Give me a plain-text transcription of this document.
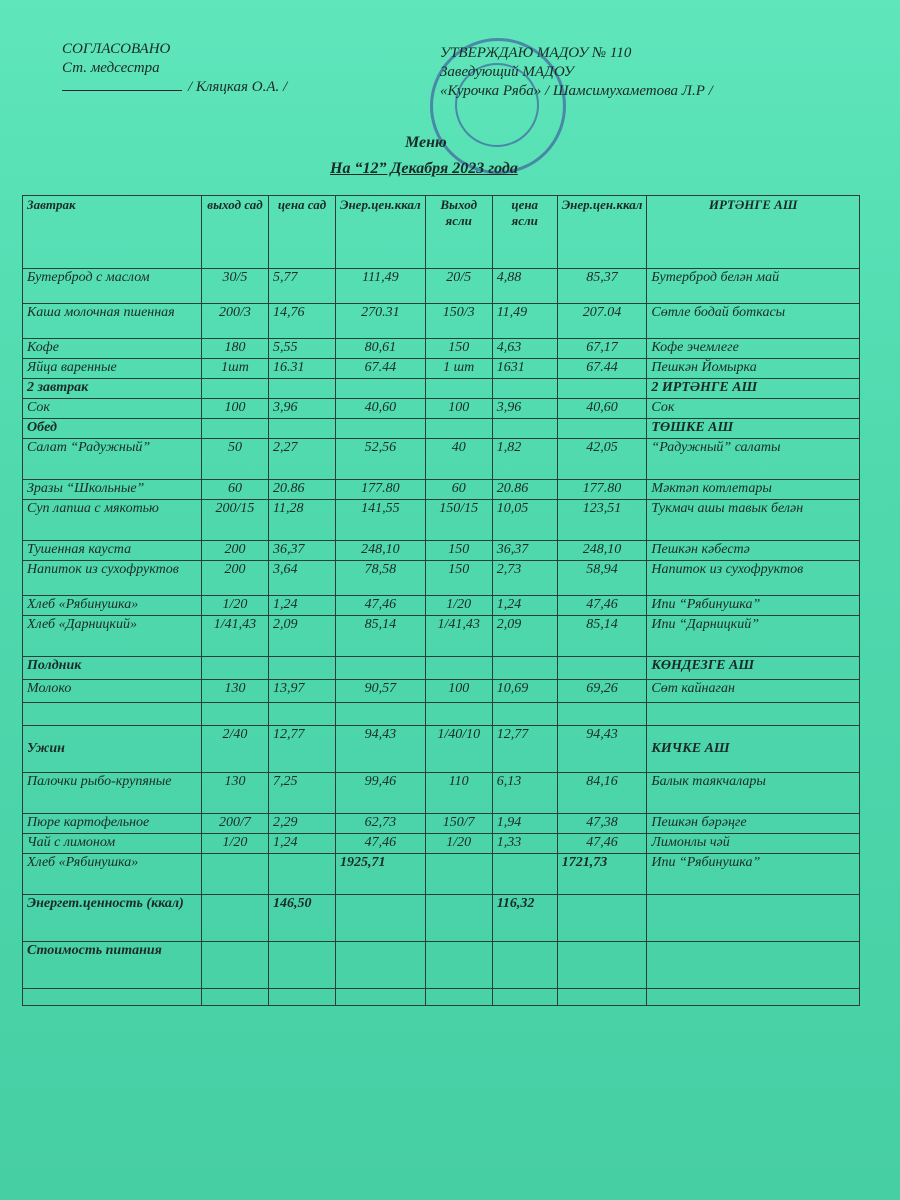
СОГЛАСОВАНО
Ст. медсестра
/ Кляцкая О.А. /
УТВЕРЖДАЮ МАДОУ № 110
Заведующий МАДОУ
«Курочка Ряба» / Шамсимухаметова Л.Р /
Меню
На “12” Декабря 2023 года
Завтрак	выход сад	цена сад	Энер.цен.ккал	Выход ясли	цена ясли	Энер.цен.ккал	ИРТӘНГЕ АШ
Бутерброд с маслом	30/5	5,77	111,49	20/5	4,88	85,37	Бутерброд белән май
Каша молочная пшенная	200/3	14,76	270.31	150/3	11,49	207.04	Сөтле бодай боткасы
Кофе	180	5,55	80,61	150	4,63	67,17	Кофе эчемлеге
Яйца варенные	1шт	16.31	67.44	1 шт	1631	67.44	Пешкән Йомырка
2 завтрак							2 ИРТӘНГЕ АШ
Сок	100	3,96	40,60	100	3,96	40,60	Сок
Обед							ТӨШКЕ АШ
Салат “Радужный”	50	2,27	52,56	40	1,82	42,05	“Радужный” салаты
Зразы “Школьные”	60	20.86	177.80	60	20.86	177.80	Мәктәп котлетары
Суп лапша с мякотью	200/15	11,28	141,55	150/15	10,05	123,51	Тукмач ашы тавык белән
Тушенная кауста	200	36,37	248,10	150	36,37	248,10	Пешкән кәбестә
Напиток из сухофруктов	200	3,64	78,58	150	2,73	58,94	Напиток из сухофруктов
Хлеб «Рябинушка»	1/20	1,24	47,46	1/20	1,24	47,46	Ипи “Рябинушка”
Хлеб «Дарницкий»	1/41,43	2,09	85,14	1/41,43	2,09	85,14	Ипи “Дарницкий”
Полдник							КӨНДЕЗГЕ АШ
Молоко	130	13,97	90,57	100	10,69	69,26	Сөт кайнаган

Ужин	2/40	12,77	94,43	1/40/10	12,77	94,43	КИЧКЕ АШ
Палочки рыбо-крупяные	130	7,25	99,46	110	6,13	84,16	Балык таякчалары
Пюре картофельное	200/7	2,29	62,73	150/7	1,94	47,38	Пешкән бәрәңге
Чай с лимоном	1/20	1,24	47,46	1/20	1,33	47,46	Лимонлы чәй
Хлеб «Рябинушка»			1925,71			1721,73	Ипи “Рябинушка”
Энергет.ценность (ккал)		146,50			116,32		
Стоимость питания							
